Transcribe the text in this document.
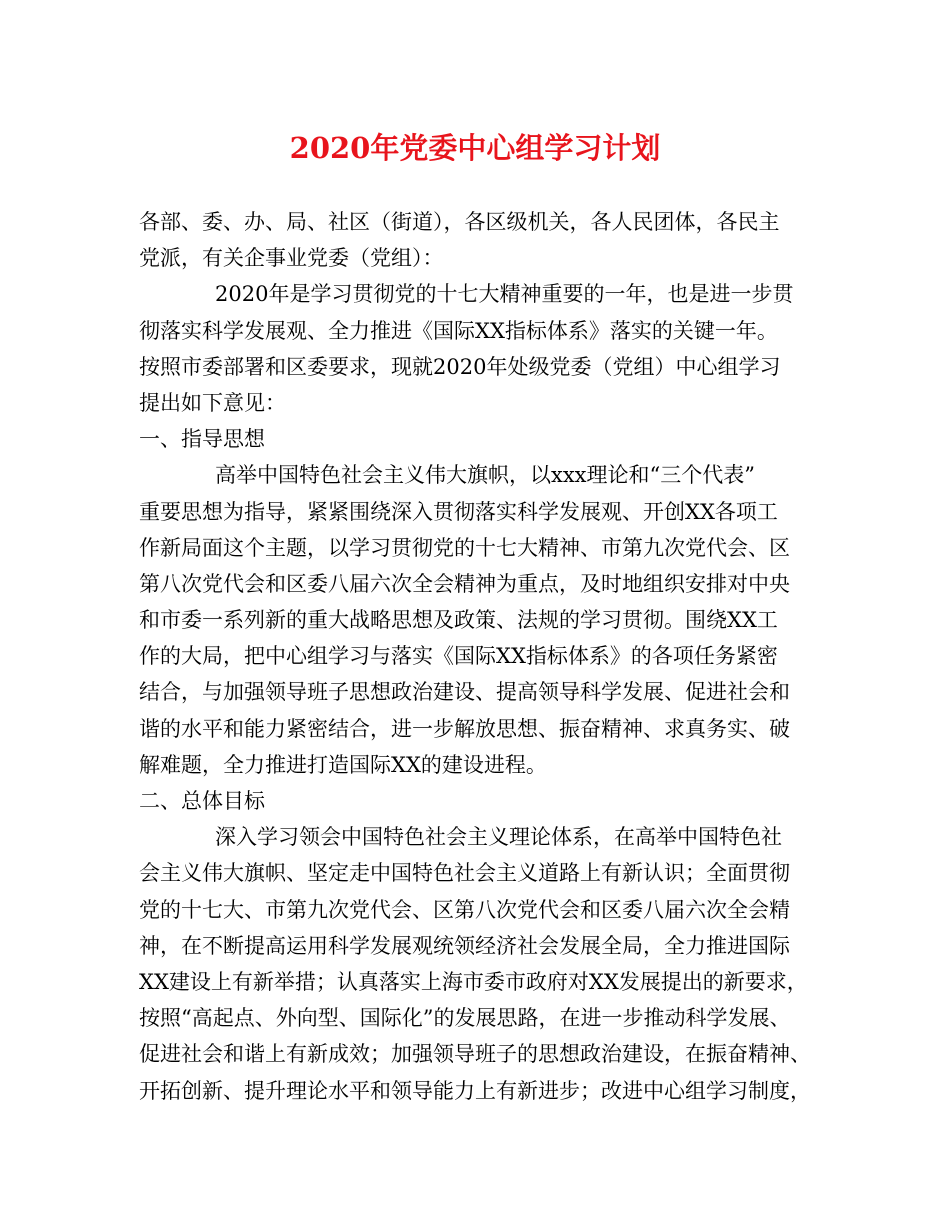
2020年党委中心组学习计划
各部、委、办、局、社区（街道），各区级机关，各人民团体，各民主
党派，有关企事业党委（党组）：
2020年是学习贯彻党的十七大精神重要的一年，也是进一步贯
彻落实科学发展观、全力推进《国际XX指标体系》落实的关键一年。
按照市委部署和区委要求，现就2020年处级党委（党组）中心组学习
提出如下意见：
一、指导思想
高举中国特色社会主义伟大旗帜，以xxx理论和“三个代表”
重要思想为指导，紧紧围绕深入贯彻落实科学发展观、开创XX各项工
作新局面这个主题，以学习贯彻党的十七大精神、市第九次党代会、区
第八次党代会和区委八届六次全会精神为重点，及时地组织安排对中央
和市委一系列新的重大战略思想及政策、法规的学习贯彻。围绕XX工
作的大局，把中心组学习与落实《国际XX指标体系》的各项任务紧密
结合，与加强领导班子思想政治建设、提高领导科学发展、促进社会和
谐的水平和能力紧密结合，进一步解放思想、振奋精神、求真务实、破
解难题，全力推进打造国际XX的建设进程。
二、总体目标
深入学习领会中国特色社会主义理论体系，在高举中国特色社
会主义伟大旗帜、坚定走中国特色社会主义道路上有新认识；全面贯彻
党的十七大、市第九次党代会、区第八次党代会和区委八届六次全会精
神，在不断提高运用科学发展观统领经济社会发展全局，全力推进国际
XX建设上有新举措；认真落实上海市委市政府对XX发展提出的新要求，
按照“高起点、外向型、国际化”的发展思路，在进一步推动科学发展、
促进社会和谐上有新成效；加强领导班子的思想政治建设，在振奋精神、
开拓创新、提升理论水平和领导能力上有新进步；改进中心组学习制度，
